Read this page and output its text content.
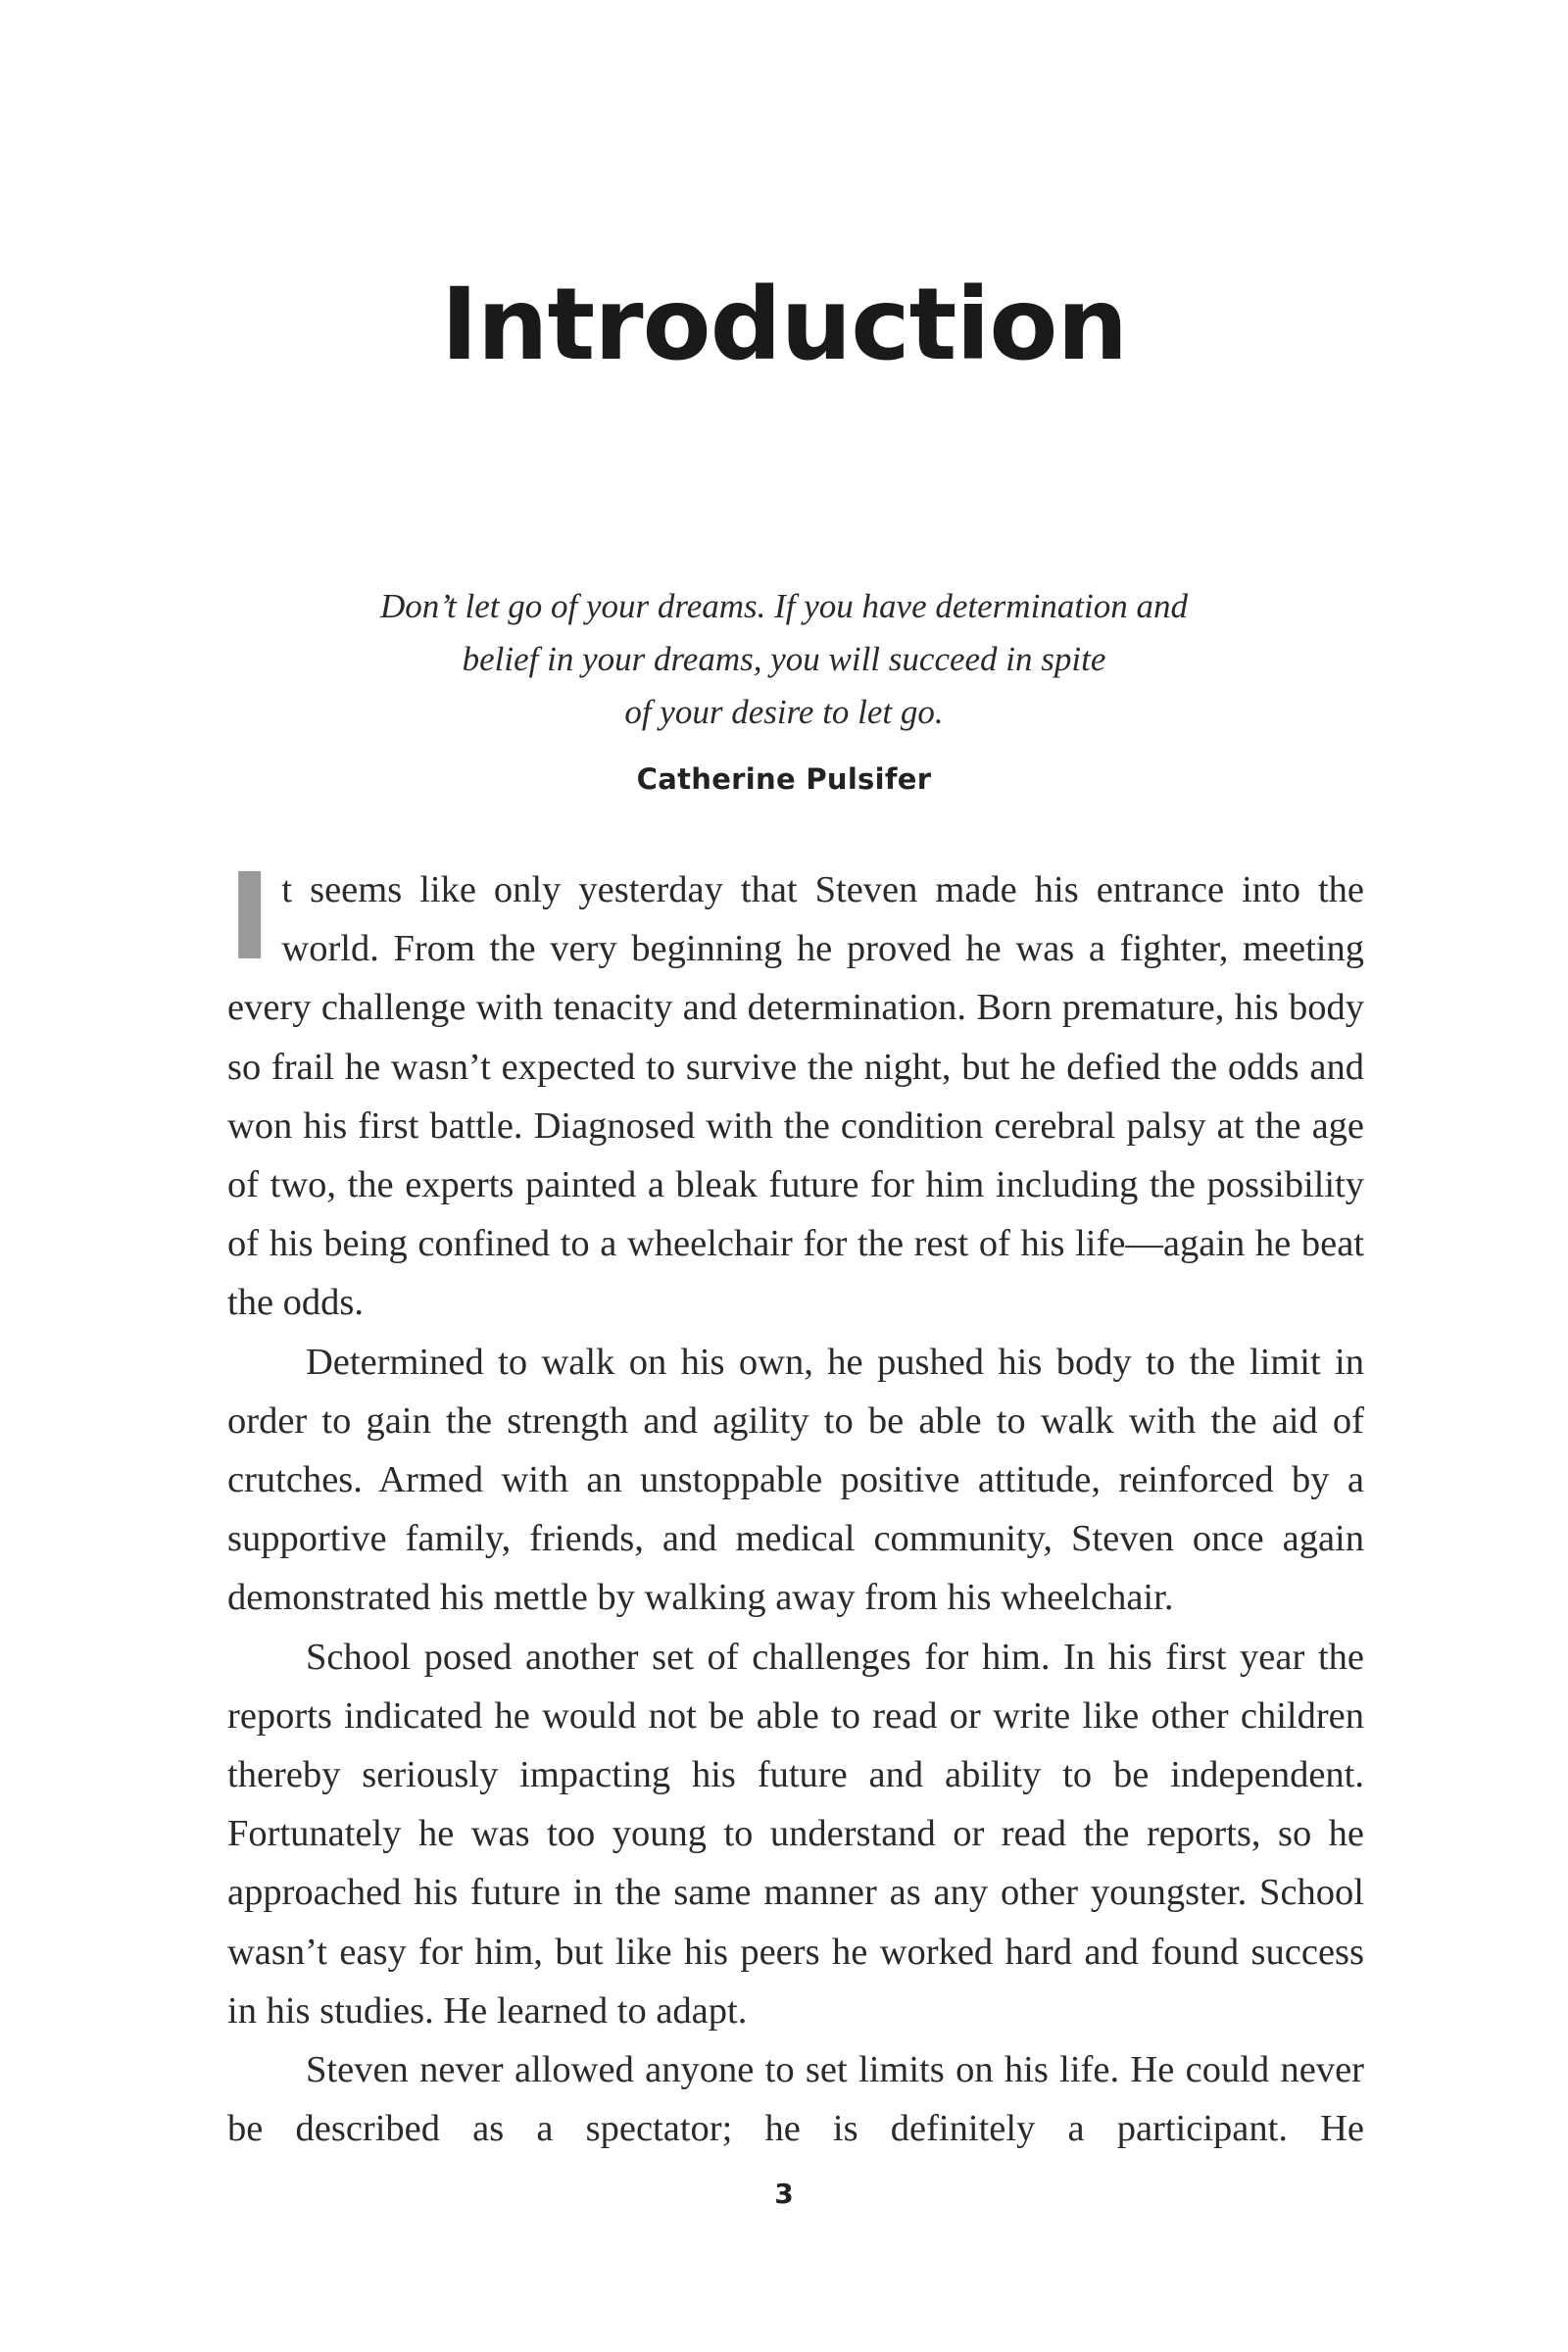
Introduction
Don’t let go of your dreams. If you have determination and
belief in your dreams, you will succeed in spite
of your desire to let go.
Catherine Pulsifer

It seems like only yesterday that Steven made his entrance into the world. From the very beginning he proved he was a fighter, meeting every challenge with tenacity and determination. Born premature, his body so frail he wasn’t expected to survive the night, but he defied the odds and won his first battle. Diagnosed with the condition cerebral palsy at the age of two, the experts painted a bleak future for him including the possibility of his being confined to a wheelchair for the rest of his life—again he beat the odds.

Determined to walk on his own, he pushed his body to the limit in order to gain the strength and agility to be able to walk with the aid of crutches. Armed with an unstoppable positive attitude, reinforced by a supportive family, friends, and medical community, Steven once again demonstrated his mettle by walking away from his wheelchair.

School posed another set of challenges for him. In his first year the reports indicated he would not be able to read or write like other children thereby seriously impacting his future and ability to be independent. Fortunately he was too young to understand or read the reports, so he approached his future in the same manner as any other youngster. School wasn’t easy for him, but like his peers he worked hard and found success in his studies. He learned to adapt.

Steven never allowed anyone to set limits on his life. He could never be described as a spectator; he is definitely a participant. He

3
